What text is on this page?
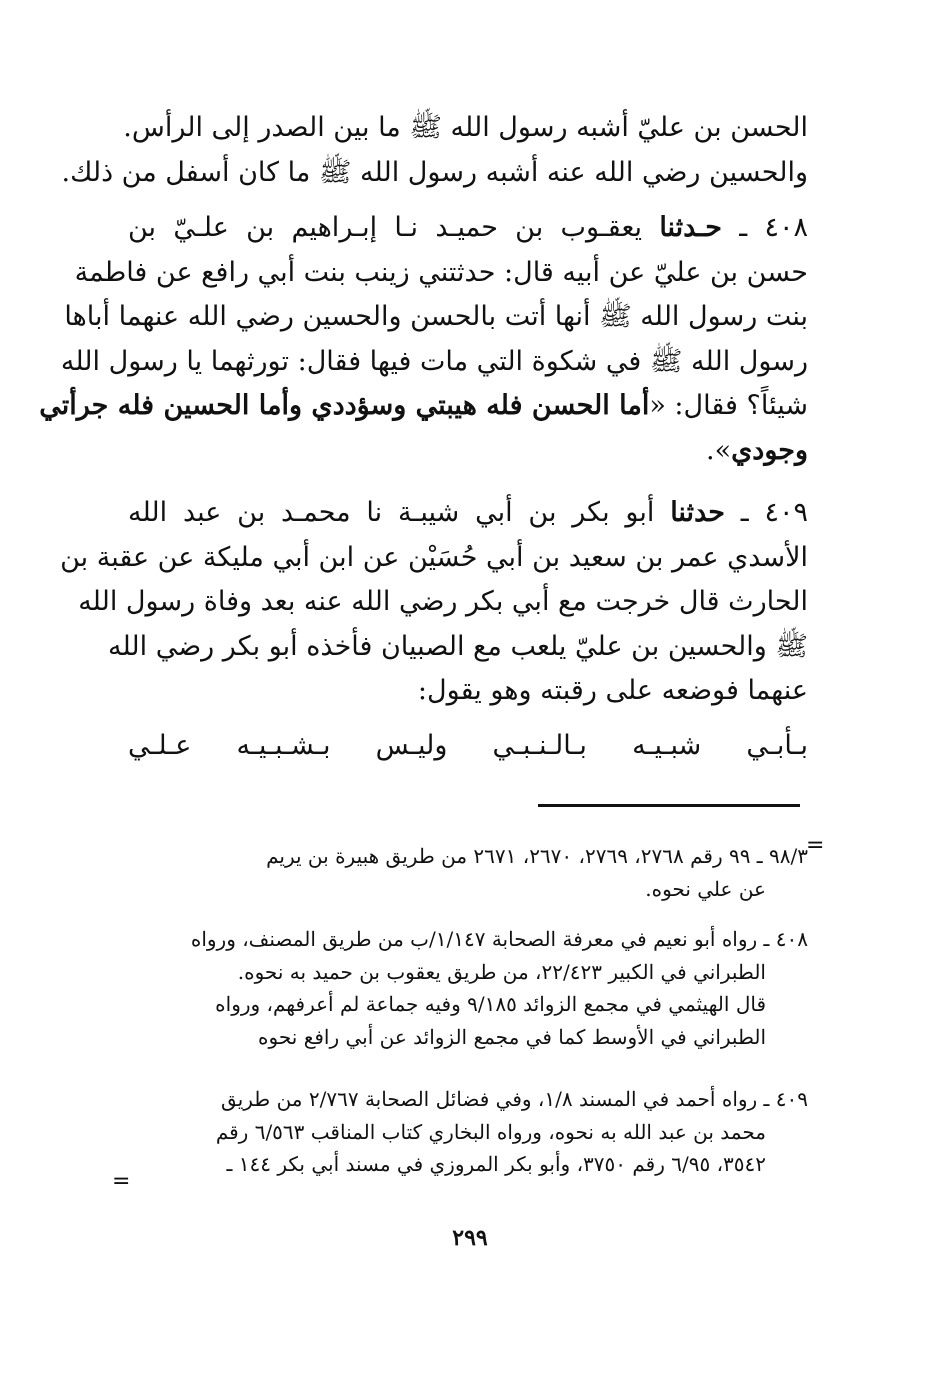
الحسن بن عليّ أشبه رسول الله ﷺ ما بين الصدر إلى الرأس.
والحسين رضي الله عنه أشبه رسول الله ﷺ ما كان أسفل من ذلك.
٤٠٨ ـ حـدثنا يعقـوب بن حميـد نـا إبـراهيم بن علـيّ بن
حسن بن عليّ عن أبيه قال: حدثتني زينب بنت أبي رافع عن فاطمة
بنت رسول الله ﷺ أنها أتت بالحسن والحسين رضي الله عنهما أباها
رسول الله ﷺ في شكوة التي مات فيها فقال: تورثهما يا رسول الله
شيئاً؟ فقال: «أما الحسن فله هيبتي وسؤددي وأما الحسين فله جرأتي
وجودي».
٤٠٩ ـ حدثنا أبو بكر بن أبي شيبـة نا محمـد بن عبد الله
الأسدي عمر بن سعيد بن أبي حُسَيْن عن ابن أبي مليكة عن عقبة بن
الحارث قال خرجت مع أبي بكر رضي الله عنه بعد وفاة رسول الله
ﷺ والحسين بن عليّ يلعب مع الصبيان فأخذه أبو بكر رضي الله
عنهما فوضعه على رقبته وهو يقول:
بـأبـي
شبـيـه
بـالـنـبـي
وليـس
بـشـبـيـه
عـلـي
=
٩٨/٣ ـ ٩٩ رقم ٢٧٦٨، ٢٧٦٩، ٢٦٧٠، ٢٦٧١ من طريق هبيرة بن يريم
عن علي نحوه.
٤٠٨ ـ رواه أبو نعيم في معرفة الصحابة ١/١٤٧/ب من طريق المصنف، ورواه
الطبراني في الكبير ٢٢/٤٢٣، من طريق يعقوب بن حميد به نحوه.
قال الهيثمي في مجمع الزوائد ٩/١٨٥ وفيه جماعة لم أعرفهم، ورواه
الطبراني في الأوسط كما في مجمع الزوائد عن أبي رافع نحوه
٤٠٩ ـ رواه أحمد في المسند ١/٨، وفي فضائل الصحابة ٢/٧٦٧ من طريق
محمد بن عبد الله به نحوه، ورواه البخاري كتاب المناقب ٦/٥٦٣ رقم
٣٥٤٢، ٦/٩٥ رقم ٣٧٥٠، وأبو بكر المروزي في مسند أبي بكر ١٤٤ ـ
=
٢٩٩
